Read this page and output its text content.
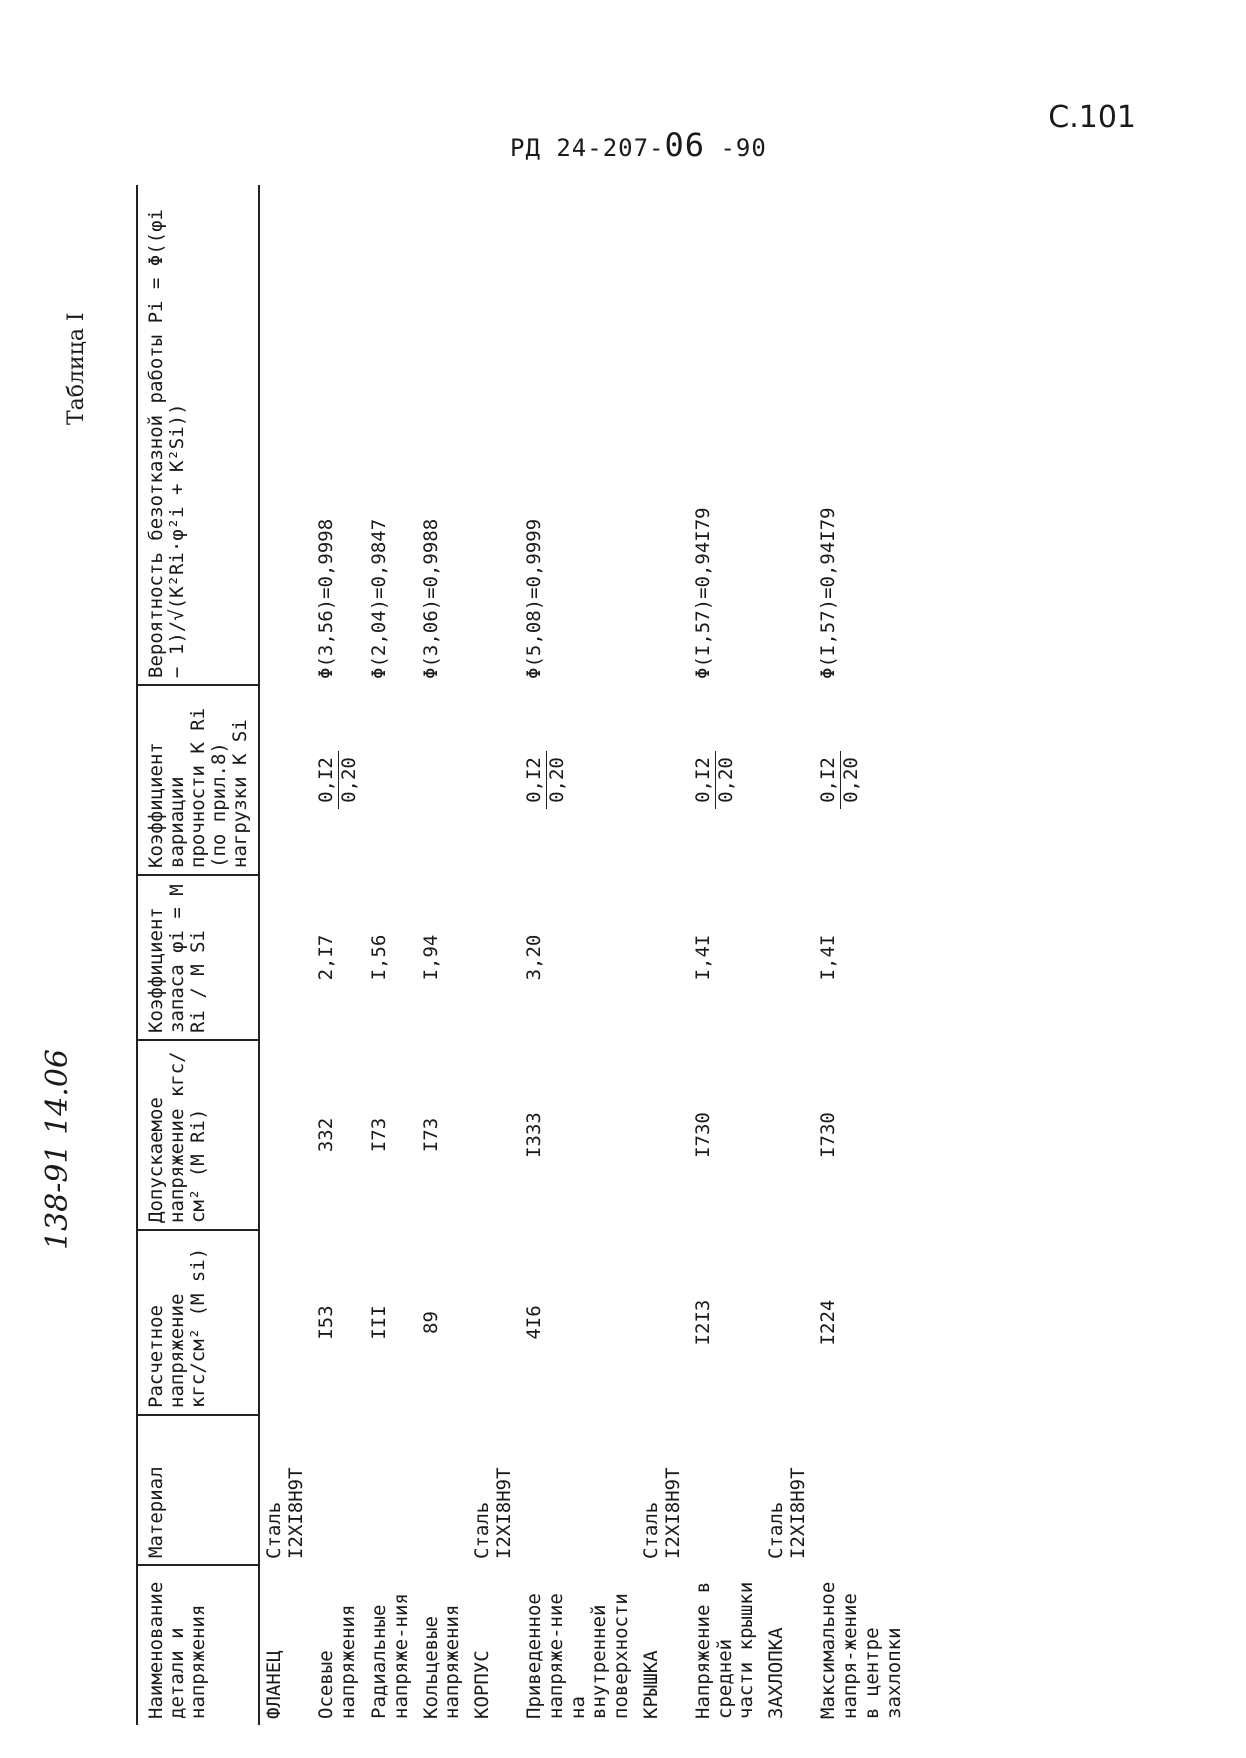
С.101
РД 24-207-06 -90
138-91 14.06
Таблица I
Наименование детали и напряжения	Материал	Расчетное напряжение кгс/см² (M si)	Допускаемое напряжение кгс/см² (M Ri)	Коэффициент запаса φi = M Ri / M Si	Коэффициент вариации прочности K Ri (по прил.8) нагрузки K Si	Вероятность безотказной работы Pi = Φ((φi − 1)/√(K²Ri·φ²i + K²Si))
ФЛАНЕЦ	Сталь I2XI8H9T					
Осевые напряжения		I53	332	2,I7	0,I2 0,20	Φ(3,56)=0,9998
Радиальные напряже-ния		III	I73	I,56		Φ(2,04)=0,9847
Кольцевые напряжения		89	I73	I,94		Φ(3,06)=0,9988
КОРПУС	Сталь I2XI8H9T					
Приведенное напряже-ние на внутренней поверхности		4I6	I333	3,20	0,I2 0,20	Φ(5,08)=0,9999
КРЫШКА	Сталь I2XI8H9T					
Напряжение в средней части крышки		I2I3	I730	I,4I	0,I2 0,20	Φ(I,57)=0,94I79
ЗАХЛОПКА	Сталь I2XI8H9T					
Максимальное напря-жение в центре захлопки		I224	I730	I,4I	0,I2 0,20	Φ(I,57)=0,94I79
